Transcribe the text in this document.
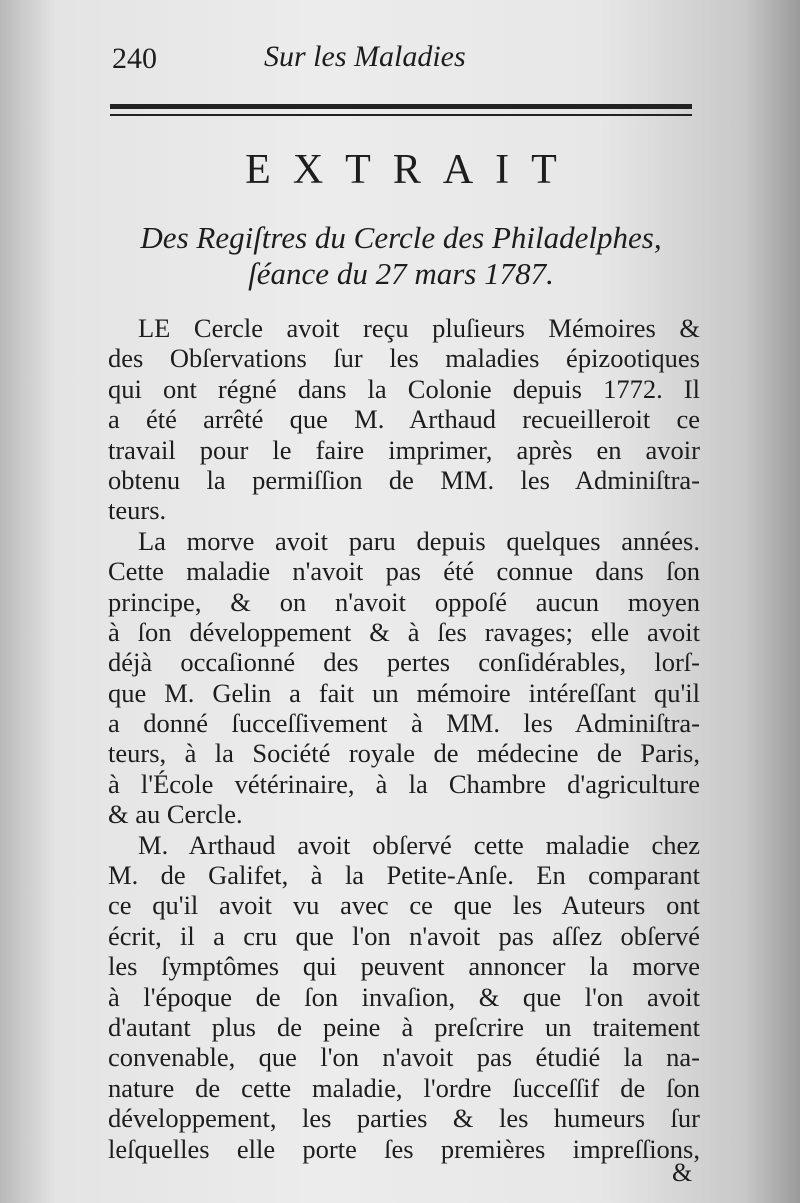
240	Sur les Maladies
EXTRAIT
Des Regiſtres du Cercle des Philadelphes,
ſéance du 27 mars 1787.
LE Cercle avoit reçu pluſieurs Mémoires &
des Obſervations ſur les maladies épizootiques
qui ont régné dans la Colonie depuis 1772. Il
a été arrêté que M. Arthaud recueilleroit ce
travail pour le faire imprimer, après en avoir
obtenu la permiſſion de MM. les Adminiſtra-
teurs.
La morve avoit paru depuis quelques années.
Cette maladie n'avoit pas été connue dans ſon
principe, & on n'avoit oppoſé aucun moyen
à ſon développement & à ſes ravages; elle avoit
déjà occaſionné des pertes conſidérables, lorſ-
que M. Gelin a fait un mémoire intéreſſant qu'il
a donné ſucceſſivement à MM. les Adminiſtra-
teurs, à la Société royale de médecine de Paris,
à l'École vétérinaire, à la Chambre d'agriculture
& au Cercle.
M. Arthaud avoit obſervé cette maladie chez
M. de Galifet, à la Petite-Anſe. En comparant
ce qu'il avoit vu avec ce que les Auteurs ont
écrit, il a cru que l'on n'avoit pas aſſez obſervé
les ſymptômes qui peuvent annoncer la morve
à l'époque de ſon invaſion, & que l'on avoit
d'autant plus de peine à preſcrire un traitement
convenable, que l'on n'avoit pas étudié la na-
nature de cette maladie, l'ordre ſucceſſif de ſon
développement, les parties & les humeurs ſur
leſquelles elle porte ſes premières impreſſions,
&
